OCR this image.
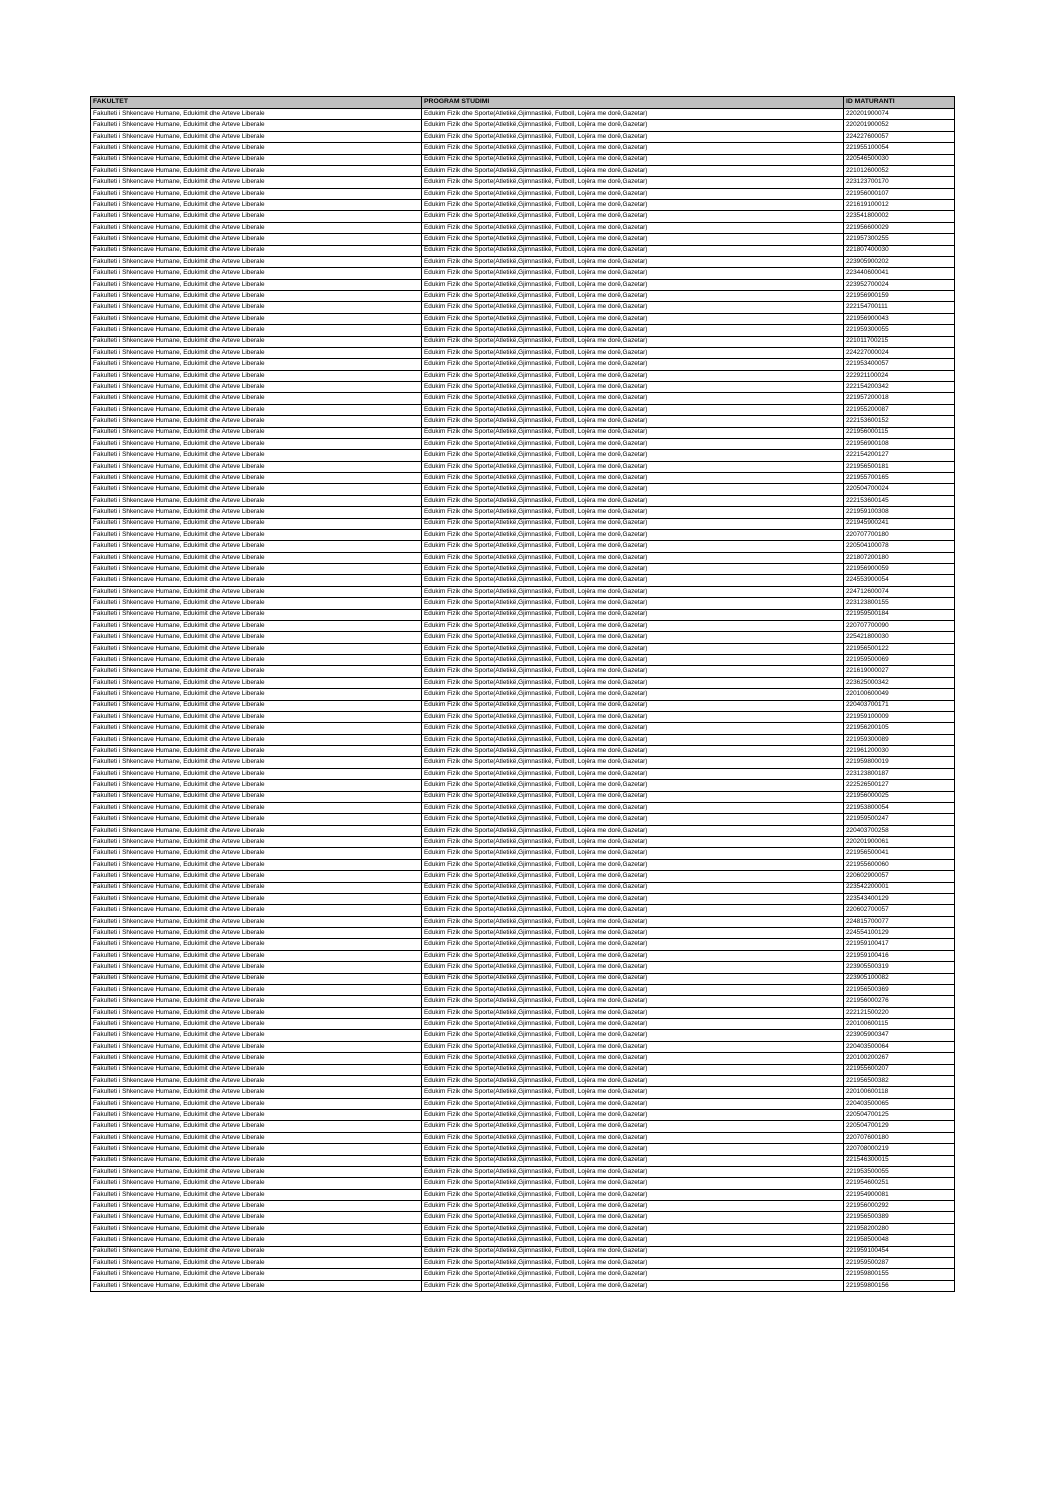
FAKULTET	PROGRAM STUDIMI	ID MATURANTI
Fakulteti i Shkencave Humane, Edukimit dhe Arteve Liberale	Edukim Fizik dhe Sporte(Atletikë,Gjimnastikë, Futboll, Lojëra me dorë,Gazetar)	220201900074
Fakulteti i Shkencave Humane, Edukimit dhe Arteve Liberale	Edukim Fizik dhe Sporte(Atletikë,Gjimnastikë, Futboll, Lojëra me dorë,Gazetar)	220201900052
Fakulteti i Shkencave Humane, Edukimit dhe Arteve Liberale	Edukim Fizik dhe Sporte(Atletikë,Gjimnastikë, Futboll, Lojëra me dorë,Gazetar)	224227600057
Fakulteti i Shkencave Humane, Edukimit dhe Arteve Liberale	Edukim Fizik dhe Sporte(Atletikë,Gjimnastikë, Futboll, Lojëra me dorë,Gazetar)	221955100054
Fakulteti i Shkencave Humane, Edukimit dhe Arteve Liberale	Edukim Fizik dhe Sporte(Atletikë,Gjimnastikë, Futboll, Lojëra me dorë,Gazetar)	220546500030
Fakulteti i Shkencave Humane, Edukimit dhe Arteve Liberale	Edukim Fizik dhe Sporte(Atletikë,Gjimnastikë, Futboll, Lojëra me dorë,Gazetar)	221012600052
Fakulteti i Shkencave Humane, Edukimit dhe Arteve Liberale	Edukim Fizik dhe Sporte(Atletikë,Gjimnastikë, Futboll, Lojëra me dorë,Gazetar)	223123700170
Fakulteti i Shkencave Humane, Edukimit dhe Arteve Liberale	Edukim Fizik dhe Sporte(Atletikë,Gjimnastikë, Futboll, Lojëra me dorë,Gazetar)	221956000107
Fakulteti i Shkencave Humane, Edukimit dhe Arteve Liberale	Edukim Fizik dhe Sporte(Atletikë,Gjimnastikë, Futboll, Lojëra me dorë,Gazetar)	221619100012
Fakulteti i Shkencave Humane, Edukimit dhe Arteve Liberale	Edukim Fizik dhe Sporte(Atletikë,Gjimnastikë, Futboll, Lojëra me dorë,Gazetar)	223541800002
Fakulteti i Shkencave Humane, Edukimit dhe Arteve Liberale	Edukim Fizik dhe Sporte(Atletikë,Gjimnastikë, Futboll, Lojëra me dorë,Gazetar)	221956600029
Fakulteti i Shkencave Humane, Edukimit dhe Arteve Liberale	Edukim Fizik dhe Sporte(Atletikë,Gjimnastikë, Futboll, Lojëra me dorë,Gazetar)	221957300255
Fakulteti i Shkencave Humane, Edukimit dhe Arteve Liberale	Edukim Fizik dhe Sporte(Atletikë,Gjimnastikë, Futboll, Lojëra me dorë,Gazetar)	221807400030
Fakulteti i Shkencave Humane, Edukimit dhe Arteve Liberale	Edukim Fizik dhe Sporte(Atletikë,Gjimnastikë, Futboll, Lojëra me dorë,Gazetar)	223905900202
Fakulteti i Shkencave Humane, Edukimit dhe Arteve Liberale	Edukim Fizik dhe Sporte(Atletikë,Gjimnastikë, Futboll, Lojëra me dorë,Gazetar)	223440600041
Fakulteti i Shkencave Humane, Edukimit dhe Arteve Liberale	Edukim Fizik dhe Sporte(Atletikë,Gjimnastikë, Futboll, Lojëra me dorë,Gazetar)	223952700024
Fakulteti i Shkencave Humane, Edukimit dhe Arteve Liberale	Edukim Fizik dhe Sporte(Atletikë,Gjimnastikë, Futboll, Lojëra me dorë,Gazetar)	221956900159
Fakulteti i Shkencave Humane, Edukimit dhe Arteve Liberale	Edukim Fizik dhe Sporte(Atletikë,Gjimnastikë, Futboll, Lojëra me dorë,Gazetar)	222154700111
Fakulteti i Shkencave Humane, Edukimit dhe Arteve Liberale	Edukim Fizik dhe Sporte(Atletikë,Gjimnastikë, Futboll, Lojëra me dorë,Gazetar)	221956900043
Fakulteti i Shkencave Humane, Edukimit dhe Arteve Liberale	Edukim Fizik dhe Sporte(Atletikë,Gjimnastikë, Futboll, Lojëra me dorë,Gazetar)	221959300055
Fakulteti i Shkencave Humane, Edukimit dhe Arteve Liberale	Edukim Fizik dhe Sporte(Atletikë,Gjimnastikë, Futboll, Lojëra me dorë,Gazetar)	221011700215
Fakulteti i Shkencave Humane, Edukimit dhe Arteve Liberale	Edukim Fizik dhe Sporte(Atletikë,Gjimnastikë, Futboll, Lojëra me dorë,Gazetar)	224227000024
Fakulteti i Shkencave Humane, Edukimit dhe Arteve Liberale	Edukim Fizik dhe Sporte(Atletikë,Gjimnastikë, Futboll, Lojëra me dorë,Gazetar)	221953400057
Fakulteti i Shkencave Humane, Edukimit dhe Arteve Liberale	Edukim Fizik dhe Sporte(Atletikë,Gjimnastikë, Futboll, Lojëra me dorë,Gazetar)	222921100024
Fakulteti i Shkencave Humane, Edukimit dhe Arteve Liberale	Edukim Fizik dhe Sporte(Atletikë,Gjimnastikë, Futboll, Lojëra me dorë,Gazetar)	222154200342
Fakulteti i Shkencave Humane, Edukimit dhe Arteve Liberale	Edukim Fizik dhe Sporte(Atletikë,Gjimnastikë, Futboll, Lojëra me dorë,Gazetar)	221957200018
Fakulteti i Shkencave Humane, Edukimit dhe Arteve Liberale	Edukim Fizik dhe Sporte(Atletikë,Gjimnastikë, Futboll, Lojëra me dorë,Gazetar)	221955200087
Fakulteti i Shkencave Humane, Edukimit dhe Arteve Liberale	Edukim Fizik dhe Sporte(Atletikë,Gjimnastikë, Futboll, Lojëra me dorë,Gazetar)	222153600152
Fakulteti i Shkencave Humane, Edukimit dhe Arteve Liberale	Edukim Fizik dhe Sporte(Atletikë,Gjimnastikë, Futboll, Lojëra me dorë,Gazetar)	221956000115
Fakulteti i Shkencave Humane, Edukimit dhe Arteve Liberale	Edukim Fizik dhe Sporte(Atletikë,Gjimnastikë, Futboll, Lojëra me dorë,Gazetar)	221956900108
Fakulteti i Shkencave Humane, Edukimit dhe Arteve Liberale	Edukim Fizik dhe Sporte(Atletikë,Gjimnastikë, Futboll, Lojëra me dorë,Gazetar)	222154200127
Fakulteti i Shkencave Humane, Edukimit dhe Arteve Liberale	Edukim Fizik dhe Sporte(Atletikë,Gjimnastikë, Futboll, Lojëra me dorë,Gazetar)	221956500181
Fakulteti i Shkencave Humane, Edukimit dhe Arteve Liberale	Edukim Fizik dhe Sporte(Atletikë,Gjimnastikë, Futboll, Lojëra me dorë,Gazetar)	221955700165
Fakulteti i Shkencave Humane, Edukimit dhe Arteve Liberale	Edukim Fizik dhe Sporte(Atletikë,Gjimnastikë, Futboll, Lojëra me dorë,Gazetar)	220504700024
Fakulteti i Shkencave Humane, Edukimit dhe Arteve Liberale	Edukim Fizik dhe Sporte(Atletikë,Gjimnastikë, Futboll, Lojëra me dorë,Gazetar)	222153600145
Fakulteti i Shkencave Humane, Edukimit dhe Arteve Liberale	Edukim Fizik dhe Sporte(Atletikë,Gjimnastikë, Futboll, Lojëra me dorë,Gazetar)	221959100308
Fakulteti i Shkencave Humane, Edukimit dhe Arteve Liberale	Edukim Fizik dhe Sporte(Atletikë,Gjimnastikë, Futboll, Lojëra me dorë,Gazetar)	221945900241
Fakulteti i Shkencave Humane, Edukimit dhe Arteve Liberale	Edukim Fizik dhe Sporte(Atletikë,Gjimnastikë, Futboll, Lojëra me dorë,Gazetar)	220707700180
Fakulteti i Shkencave Humane, Edukimit dhe Arteve Liberale	Edukim Fizik dhe Sporte(Atletikë,Gjimnastikë, Futboll, Lojëra me dorë,Gazetar)	220504100078
Fakulteti i Shkencave Humane, Edukimit dhe Arteve Liberale	Edukim Fizik dhe Sporte(Atletikë,Gjimnastikë, Futboll, Lojëra me dorë,Gazetar)	221807200180
Fakulteti i Shkencave Humane, Edukimit dhe Arteve Liberale	Edukim Fizik dhe Sporte(Atletikë,Gjimnastikë, Futboll, Lojëra me dorë,Gazetar)	221956900059
Fakulteti i Shkencave Humane, Edukimit dhe Arteve Liberale	Edukim Fizik dhe Sporte(Atletikë,Gjimnastikë, Futboll, Lojëra me dorë,Gazetar)	224553900054
Fakulteti i Shkencave Humane, Edukimit dhe Arteve Liberale	Edukim Fizik dhe Sporte(Atletikë,Gjimnastikë, Futboll, Lojëra me dorë,Gazetar)	224712600074
Fakulteti i Shkencave Humane, Edukimit dhe Arteve Liberale	Edukim Fizik dhe Sporte(Atletikë,Gjimnastikë, Futboll, Lojëra me dorë,Gazetar)	223123800155
Fakulteti i Shkencave Humane, Edukimit dhe Arteve Liberale	Edukim Fizik dhe Sporte(Atletikë,Gjimnastikë, Futboll, Lojëra me dorë,Gazetar)	221959500184
Fakulteti i Shkencave Humane, Edukimit dhe Arteve Liberale	Edukim Fizik dhe Sporte(Atletikë,Gjimnastikë, Futboll, Lojëra me dorë,Gazetar)	220707700090
Fakulteti i Shkencave Humane, Edukimit dhe Arteve Liberale	Edukim Fizik dhe Sporte(Atletikë,Gjimnastikë, Futboll, Lojëra me dorë,Gazetar)	225421800030
Fakulteti i Shkencave Humane, Edukimit dhe Arteve Liberale	Edukim Fizik dhe Sporte(Atletikë,Gjimnastikë, Futboll, Lojëra me dorë,Gazetar)	221956500122
Fakulteti i Shkencave Humane, Edukimit dhe Arteve Liberale	Edukim Fizik dhe Sporte(Atletikë,Gjimnastikë, Futboll, Lojëra me dorë,Gazetar)	221959500069
Fakulteti i Shkencave Humane, Edukimit dhe Arteve Liberale	Edukim Fizik dhe Sporte(Atletikë,Gjimnastikë, Futboll, Lojëra me dorë,Gazetar)	221619000027
Fakulteti i Shkencave Humane, Edukimit dhe Arteve Liberale	Edukim Fizik dhe Sporte(Atletikë,Gjimnastikë, Futboll, Lojëra me dorë,Gazetar)	223625000342
Fakulteti i Shkencave Humane, Edukimit dhe Arteve Liberale	Edukim Fizik dhe Sporte(Atletikë,Gjimnastikë, Futboll, Lojëra me dorë,Gazetar)	220100600049
Fakulteti i Shkencave Humane, Edukimit dhe Arteve Liberale	Edukim Fizik dhe Sporte(Atletikë,Gjimnastikë, Futboll, Lojëra me dorë,Gazetar)	220403700171
Fakulteti i Shkencave Humane, Edukimit dhe Arteve Liberale	Edukim Fizik dhe Sporte(Atletikë,Gjimnastikë, Futboll, Lojëra me dorë,Gazetar)	221959100009
Fakulteti i Shkencave Humane, Edukimit dhe Arteve Liberale	Edukim Fizik dhe Sporte(Atletikë,Gjimnastikë, Futboll, Lojëra me dorë,Gazetar)	221956200105
Fakulteti i Shkencave Humane, Edukimit dhe Arteve Liberale	Edukim Fizik dhe Sporte(Atletikë,Gjimnastikë, Futboll, Lojëra me dorë,Gazetar)	221959300089
Fakulteti i Shkencave Humane, Edukimit dhe Arteve Liberale	Edukim Fizik dhe Sporte(Atletikë,Gjimnastikë, Futboll, Lojëra me dorë,Gazetar)	221961200030
Fakulteti i Shkencave Humane, Edukimit dhe Arteve Liberale	Edukim Fizik dhe Sporte(Atletikë,Gjimnastikë, Futboll, Lojëra me dorë,Gazetar)	221959800019
Fakulteti i Shkencave Humane, Edukimit dhe Arteve Liberale	Edukim Fizik dhe Sporte(Atletikë,Gjimnastikë, Futboll, Lojëra me dorë,Gazetar)	223123800187
Fakulteti i Shkencave Humane, Edukimit dhe Arteve Liberale	Edukim Fizik dhe Sporte(Atletikë,Gjimnastikë, Futboll, Lojëra me dorë,Gazetar)	222526500127
Fakulteti i Shkencave Humane, Edukimit dhe Arteve Liberale	Edukim Fizik dhe Sporte(Atletikë,Gjimnastikë, Futboll, Lojëra me dorë,Gazetar)	221956000025
Fakulteti i Shkencave Humane, Edukimit dhe Arteve Liberale	Edukim Fizik dhe Sporte(Atletikë,Gjimnastikë, Futboll, Lojëra me dorë,Gazetar)	221953800054
Fakulteti i Shkencave Humane, Edukimit dhe Arteve Liberale	Edukim Fizik dhe Sporte(Atletikë,Gjimnastikë, Futboll, Lojëra me dorë,Gazetar)	221959500247
Fakulteti i Shkencave Humane, Edukimit dhe Arteve Liberale	Edukim Fizik dhe Sporte(Atletikë,Gjimnastikë, Futboll, Lojëra me dorë,Gazetar)	220403700258
Fakulteti i Shkencave Humane, Edukimit dhe Arteve Liberale	Edukim Fizik dhe Sporte(Atletikë,Gjimnastikë, Futboll, Lojëra me dorë,Gazetar)	220201900061
Fakulteti i Shkencave Humane, Edukimit dhe Arteve Liberale	Edukim Fizik dhe Sporte(Atletikë,Gjimnastikë, Futboll, Lojëra me dorë,Gazetar)	221956500041
Fakulteti i Shkencave Humane, Edukimit dhe Arteve Liberale	Edukim Fizik dhe Sporte(Atletikë,Gjimnastikë, Futboll, Lojëra me dorë,Gazetar)	221955600060
Fakulteti i Shkencave Humane, Edukimit dhe Arteve Liberale	Edukim Fizik dhe Sporte(Atletikë,Gjimnastikë, Futboll, Lojëra me dorë,Gazetar)	220602900057
Fakulteti i Shkencave Humane, Edukimit dhe Arteve Liberale	Edukim Fizik dhe Sporte(Atletikë,Gjimnastikë, Futboll, Lojëra me dorë,Gazetar)	223542200001
Fakulteti i Shkencave Humane, Edukimit dhe Arteve Liberale	Edukim Fizik dhe Sporte(Atletikë,Gjimnastikë, Futboll, Lojëra me dorë,Gazetar)	223543400129
Fakulteti i Shkencave Humane, Edukimit dhe Arteve Liberale	Edukim Fizik dhe Sporte(Atletikë,Gjimnastikë, Futboll, Lojëra me dorë,Gazetar)	220602700057
Fakulteti i Shkencave Humane, Edukimit dhe Arteve Liberale	Edukim Fizik dhe Sporte(Atletikë,Gjimnastikë, Futboll, Lojëra me dorë,Gazetar)	224815700077
Fakulteti i Shkencave Humane, Edukimit dhe Arteve Liberale	Edukim Fizik dhe Sporte(Atletikë,Gjimnastikë, Futboll, Lojëra me dorë,Gazetar)	224554100129
Fakulteti i Shkencave Humane, Edukimit dhe Arteve Liberale	Edukim Fizik dhe Sporte(Atletikë,Gjimnastikë, Futboll, Lojëra me dorë,Gazetar)	221959100417
Fakulteti i Shkencave Humane, Edukimit dhe Arteve Liberale	Edukim Fizik dhe Sporte(Atletikë,Gjimnastikë, Futboll, Lojëra me dorë,Gazetar)	221959100416
Fakulteti i Shkencave Humane, Edukimit dhe Arteve Liberale	Edukim Fizik dhe Sporte(Atletikë,Gjimnastikë, Futboll, Lojëra me dorë,Gazetar)	223905500319
Fakulteti i Shkencave Humane, Edukimit dhe Arteve Liberale	Edukim Fizik dhe Sporte(Atletikë,Gjimnastikë, Futboll, Lojëra me dorë,Gazetar)	223905100082
Fakulteti i Shkencave Humane, Edukimit dhe Arteve Liberale	Edukim Fizik dhe Sporte(Atletikë,Gjimnastikë, Futboll, Lojëra me dorë,Gazetar)	221956500369
Fakulteti i Shkencave Humane, Edukimit dhe Arteve Liberale	Edukim Fizik dhe Sporte(Atletikë,Gjimnastikë, Futboll, Lojëra me dorë,Gazetar)	221956000276
Fakulteti i Shkencave Humane, Edukimit dhe Arteve Liberale	Edukim Fizik dhe Sporte(Atletikë,Gjimnastikë, Futboll, Lojëra me dorë,Gazetar)	222121500220
Fakulteti i Shkencave Humane, Edukimit dhe Arteve Liberale	Edukim Fizik dhe Sporte(Atletikë,Gjimnastikë, Futboll, Lojëra me dorë,Gazetar)	220100600115
Fakulteti i Shkencave Humane, Edukimit dhe Arteve Liberale	Edukim Fizik dhe Sporte(Atletikë,Gjimnastikë, Futboll, Lojëra me dorë,Gazetar)	223905900347
Fakulteti i Shkencave Humane, Edukimit dhe Arteve Liberale	Edukim Fizik dhe Sporte(Atletikë,Gjimnastikë, Futboll, Lojëra me dorë,Gazetar)	220403500064
Fakulteti i Shkencave Humane, Edukimit dhe Arteve Liberale	Edukim Fizik dhe Sporte(Atletikë,Gjimnastikë, Futboll, Lojëra me dorë,Gazetar)	220100200267
Fakulteti i Shkencave Humane, Edukimit dhe Arteve Liberale	Edukim Fizik dhe Sporte(Atletikë,Gjimnastikë, Futboll, Lojëra me dorë,Gazetar)	221955600207
Fakulteti i Shkencave Humane, Edukimit dhe Arteve Liberale	Edukim Fizik dhe Sporte(Atletikë,Gjimnastikë, Futboll, Lojëra me dorë,Gazetar)	221956500382
Fakulteti i Shkencave Humane, Edukimit dhe Arteve Liberale	Edukim Fizik dhe Sporte(Atletikë,Gjimnastikë, Futboll, Lojëra me dorë,Gazetar)	220100600118
Fakulteti i Shkencave Humane, Edukimit dhe Arteve Liberale	Edukim Fizik dhe Sporte(Atletikë,Gjimnastikë, Futboll, Lojëra me dorë,Gazetar)	220403500065
Fakulteti i Shkencave Humane, Edukimit dhe Arteve Liberale	Edukim Fizik dhe Sporte(Atletikë,Gjimnastikë, Futboll, Lojëra me dorë,Gazetar)	220504700125
Fakulteti i Shkencave Humane, Edukimit dhe Arteve Liberale	Edukim Fizik dhe Sporte(Atletikë,Gjimnastikë, Futboll, Lojëra me dorë,Gazetar)	220504700129
Fakulteti i Shkencave Humane, Edukimit dhe Arteve Liberale	Edukim Fizik dhe Sporte(Atletikë,Gjimnastikë, Futboll, Lojëra me dorë,Gazetar)	220707600180
Fakulteti i Shkencave Humane, Edukimit dhe Arteve Liberale	Edukim Fizik dhe Sporte(Atletikë,Gjimnastikë, Futboll, Lojëra me dorë,Gazetar)	220708000219
Fakulteti i Shkencave Humane, Edukimit dhe Arteve Liberale	Edukim Fizik dhe Sporte(Atletikë,Gjimnastikë, Futboll, Lojëra me dorë,Gazetar)	221546300015
Fakulteti i Shkencave Humane, Edukimit dhe Arteve Liberale	Edukim Fizik dhe Sporte(Atletikë,Gjimnastikë, Futboll, Lojëra me dorë,Gazetar)	221953500055
Fakulteti i Shkencave Humane, Edukimit dhe Arteve Liberale	Edukim Fizik dhe Sporte(Atletikë,Gjimnastikë, Futboll, Lojëra me dorë,Gazetar)	221954600251
Fakulteti i Shkencave Humane, Edukimit dhe Arteve Liberale	Edukim Fizik dhe Sporte(Atletikë,Gjimnastikë, Futboll, Lojëra me dorë,Gazetar)	221954900081
Fakulteti i Shkencave Humane, Edukimit dhe Arteve Liberale	Edukim Fizik dhe Sporte(Atletikë,Gjimnastikë, Futboll, Lojëra me dorë,Gazetar)	221956000292
Fakulteti i Shkencave Humane, Edukimit dhe Arteve Liberale	Edukim Fizik dhe Sporte(Atletikë,Gjimnastikë, Futboll, Lojëra me dorë,Gazetar)	221956500389
Fakulteti i Shkencave Humane, Edukimit dhe Arteve Liberale	Edukim Fizik dhe Sporte(Atletikë,Gjimnastikë, Futboll, Lojëra me dorë,Gazetar)	221958200280
Fakulteti i Shkencave Humane, Edukimit dhe Arteve Liberale	Edukim Fizik dhe Sporte(Atletikë,Gjimnastikë, Futboll, Lojëra me dorë,Gazetar)	221958500048
Fakulteti i Shkencave Humane, Edukimit dhe Arteve Liberale	Edukim Fizik dhe Sporte(Atletikë,Gjimnastikë, Futboll, Lojëra me dorë,Gazetar)	221959100454
Fakulteti i Shkencave Humane, Edukimit dhe Arteve Liberale	Edukim Fizik dhe Sporte(Atletikë,Gjimnastikë, Futboll, Lojëra me dorë,Gazetar)	221959500287
Fakulteti i Shkencave Humane, Edukimit dhe Arteve Liberale	Edukim Fizik dhe Sporte(Atletikë,Gjimnastikë, Futboll, Lojëra me dorë,Gazetar)	221959800155
Fakulteti i Shkencave Humane, Edukimit dhe Arteve Liberale	Edukim Fizik dhe Sporte(Atletikë,Gjimnastikë, Futboll, Lojëra me dorë,Gazetar)	221959800156
